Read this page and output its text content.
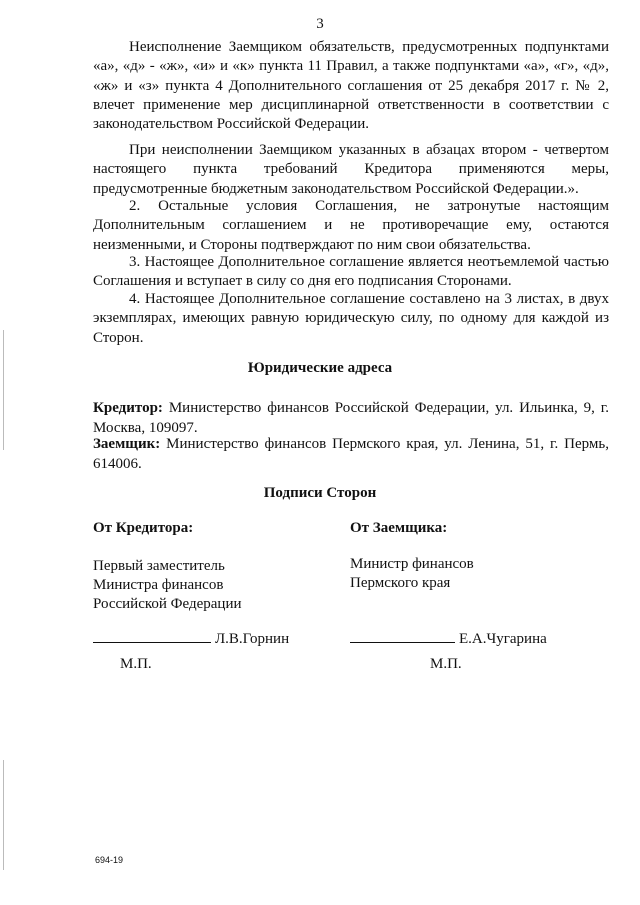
3

Неисполнение Заемщиком обязательств, предусмотренных подпунктами «а», «д» - «ж», «и» и «к» пункта 11 Правил, а также подпунктами «а», «г», «д», «ж» и «з» пункта 4 Дополнительного соглашения от 25 декабря 2017 г. № 2, влечет применение мер дисциплинарной ответственности в соответствии с законодательством Российской Федерации.

При неисполнении Заемщиком указанных в абзацах втором - четвертом настоящего пункта требований Кредитора применяются меры, предусмотренные бюджетным законодательством Российской Федерации.».

2. Остальные условия Соглашения, не затронутые настоящим Дополнительным соглашением и не противоречащие ему, остаются неизменными, и Стороны подтверждают по ним свои обязательства.

3. Настоящее Дополнительное соглашение является неотъемлемой частью Соглашения и вступает в силу со дня его подписания Сторонами.

4. Настоящее Дополнительное соглашение составлено на 3 листах, в двух экземплярах, имеющих равную юридическую силу, по одному для каждой из Сторон.

Юридические адреса

Кредитор: Министерство финансов Российской Федерации, ул. Ильинка, 9, г. Москва, 109097.

Заемщик: Министерство финансов Пермского края, ул. Ленина, 51, г. Пермь, 614006.

Подписи Сторон
От Кредитора:
Первый заместитель
Министра финансов
Российской Федерации
Л.В.Горнин
М.П.
От Заемщика:
Министр финансов
Пермского края
Е.А.Чугарина
М.П.
694-19
